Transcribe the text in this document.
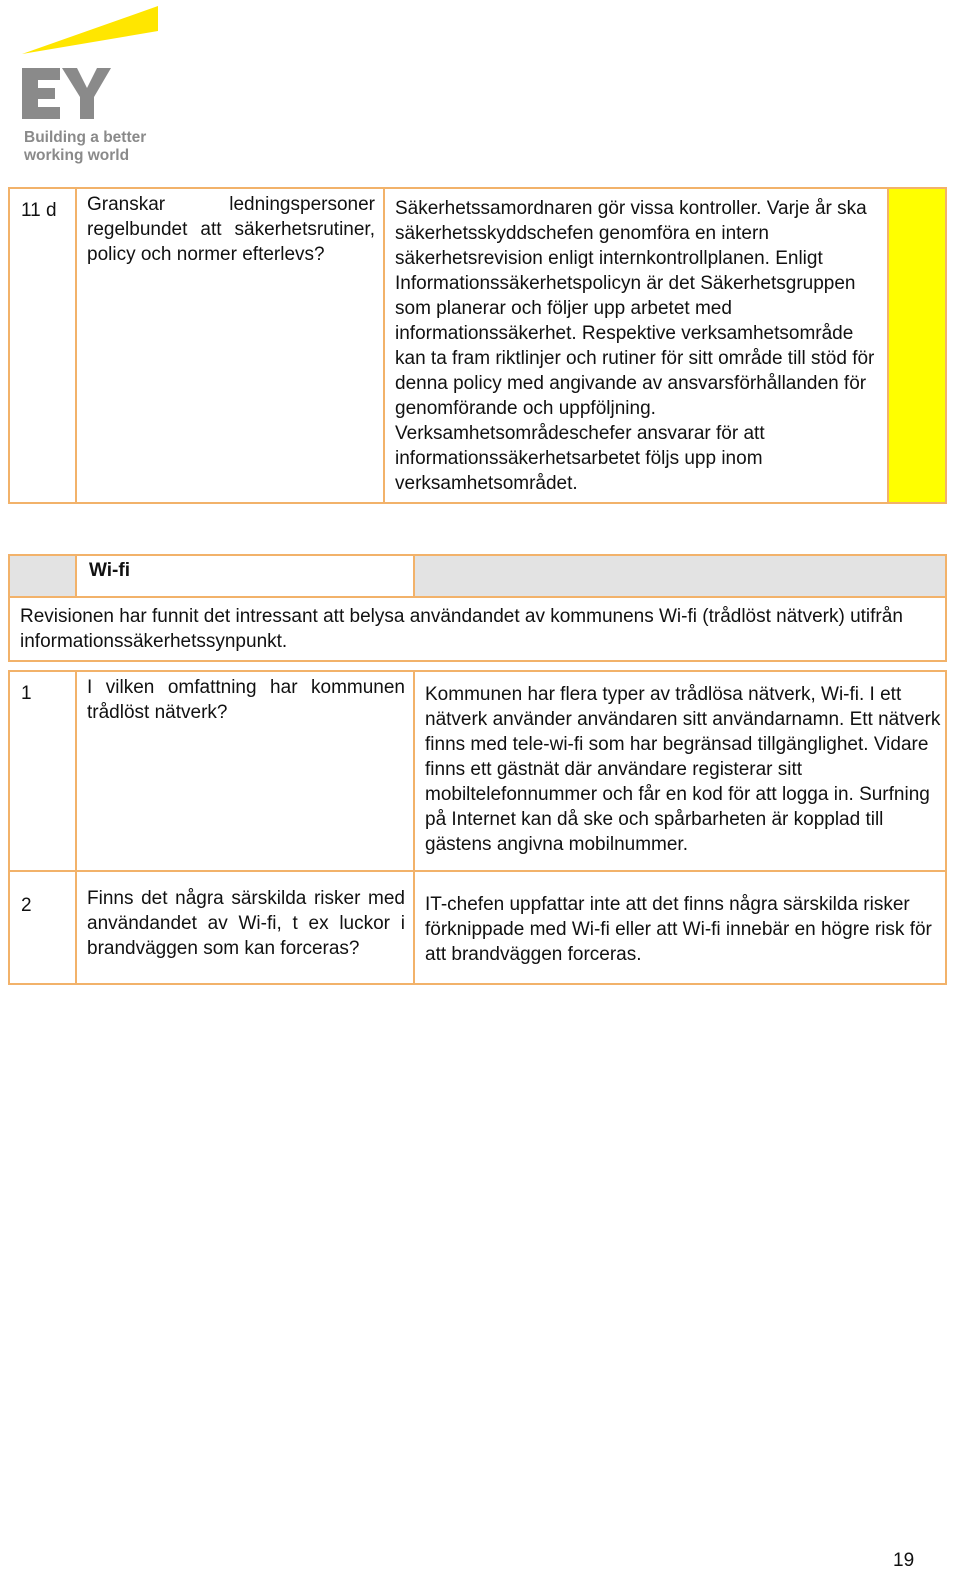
Building a better
working world
11 d	Granskar ledningspersoner regelbundet att säkerhetsrutiner, policy och normer efterlevs?	Säkerhetssamordnaren gör vissa kontroller. Varje år ska säkerhetsskyddschefen genomföra en intern säkerhetsrevision enligt internkontrollplanen. Enligt Informationssäkerhetspolicyn är det Säkerhetsgruppen som planerar och följer upp arbetet med informationssäkerhet. Respektive verksamhetsområde kan ta fram riktlinjer och rutiner för sitt område till stöd för denna policy med angivande av ansvarsförhållanden för genomförande och uppföljning. Verksamhetsområdeschefer ansvarar för att informationssäkerhetsarbetet följs upp inom verksamhetsområdet.	
	Wi-fi	
Revisionen har funnit det intressant att belysa användandet av kommunens Wi-fi (trådlöst nätverk) utifrån informationssäkerhetssynpunkt.		

1	I vilken omfattning har kommunen trådlöst nätverk?	Kommunen har flera typer av trådlösa nätverk, Wi-fi. I ett nätverk använder användaren sitt användarnamn. Ett nätverk finns med tele-wi-fi som har begränsad tillgänglighet. Vidare finns ett gästnät där användare registerar sitt mobiltelefonnummer och får en kod för att logga in. Surfning på Internet kan då ske och spårbarheten är kopplad till gästens angivna mobilnummer.
2	Finns det några särskilda risker med användandet av Wi-fi, t ex luckor i brandväggen som kan forceras?	IT-chefen uppfattar inte att det finns några särskilda risker förknippade med Wi-fi eller att Wi-fi innebär en högre risk för att brandväggen forceras.
19
